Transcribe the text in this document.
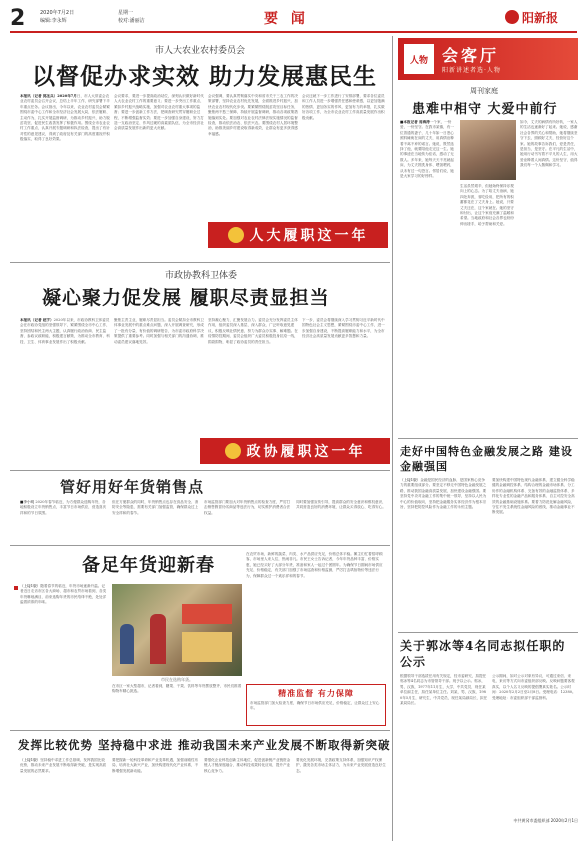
2	2020年7月2日
编辑:李永辉
星期一
校对:潘丽洁	要 闻	阳新报
市人大农业农村委员会
以督促办求实效 助力发展惠民生
本报讯（记者 郭圣兵）2020年7月日，市人大常委会农业农村委员会召开会议，总结上半年工作，研究部署下半年重点任务。会议指出，今年以来，农业农村委员会紧紧围绕市委中心工作和全市经济社会发展大局，依法履职、主动作为，扎实开展监督调研，为推动乡村振兴、助力脱贫攻坚、促进民生改善发挥了积极作用。围绕全市农业农村工作重点，认真开展专题调研和执法检查，提出了有针对性的意见建议，得到了政府及有关部门的高度重视并积极落实，取得了良好效果。
会议要求，要进一步提高政治站位，深刻认识做好新时代人大农业农村工作的重要意义；要进一步突出工作重点，紧扣乡村振兴战略实施，加强对农业农村重大事项的监督；要进一步创新工作方法，把调查研究贯穿履职全过程，不断增强监督实效；要进一步加强自身建设，努力打造一支政治坚定、作风过硬的高素质队伍，为全市经济社会高质量发展作出新的更大贡献。
会议强调，要认真贯彻落实中央和省市关于三农工作的决策部署，坚持农业农村优先发展，全面推进乡村振兴，加快农业农村现代化步伐。要紧紧围绕脱贫攻坚目标任务，聚焦两不愁三保障，持续开展监督调研，推动各项政策措施落到实处。要加强对农业农村法律法规实施情况的监督检查，推动依法治农、依法兴农。要围绕农村人居环境整治，助推美丽乡村建设取得新成效，让群众有更多获得感幸福感。
会议还就下一步工作进行了安排部署，要求各位委员和工作人员进一步增强责任感和使命感，以更加饱满的热情、更加务实的作风、更加有力的举措，扎实做好各项工作，为全市农业农村工作高质量发展作出积极贡献。
人大履职这一年
市政协教科卫体委
凝心聚力促发展 履职尽责显担当
本报讯（记者 赵宇）2020年以来，市政协教科卫体委员会在市政协党组的坚强领导下，紧紧围绕全市中心工作，坚持团结和民主两大主题，认真履行政治协商、民主监督、参政议政职能，积极建言献策，为推动全市教育、科技、卫生、体育事业发展作出了积极贡献。
聚焦主责主业，履职尽责显担当。委员会紧扣全市教科卫体事业发展中的重点难点问题，深入开展调查研究，形成了一批有分量、有价值的调研报告，为市委市政府科学决策提供了重要参考。同时加强与相关部门的沟通协调，推动委员建议落地见效。
坚持凝心聚力，汇聚发展合力。委员会充分发挥委员主体作用，组织委员深入基层、深入群众，广泛听取意见建议，积极反映社情民意，努力为群众办实事、解难题。在疫情防控期间，委员会组织广大委员积极投身抗疫一线，捐款捐物，彰显了政协委员的责任担当。
下一步，委员会将继续深入学习贯彻习近平新时代中国特色社会主义思想，紧紧围绕市委中心工作，进一步加强自身建设，不断提高履职能力和水平，为全市经济社会高质量发展贡献更多智慧和力量。
政协履职这一年
管好用好年货销售点
■李小明 2020年春节临近，为方便群众选购年货，各地积极设立年货销售点，丰富节日市场供应，营造喜庆祥和的节日氛围。
但在方便群众的同时，年货销售点也存在食品安全、消防安全等隐患，需要有关部门加强监管，确保群众过上安全祥和的春节。
市场监管部门要加大对年货销售点的检查力度，严厉打击销售假冒伪劣商品等违法行为，切实维护消费者合法权益。
同时要加强宣传引导，提高群众的安全意识和维权意识，共同营造良好的消费环境，让群众买得放心、吃得安心。
备足年货迎新春
（上接1版）随着春节的临近，年货市场逐渐升温。记者近日走访市区各大商场、超市和农贸市场看到，各类年货琳琅满目，前来选购年货的市民络绎不绝，处处洋溢着浓浓的年味。
市民在选购年货。
在市区一家大型超市，记者看到，糖果、干果、饮料等年货摆放整齐，市民们推着购物车精心挑选。
在农贸市场，新鲜的蔬菜、肉类、水产品供应充足，价格总体平稳。摊主们忙着招呼顾客，市场里人来人往，热闹非凡。市民王女士告诉记者，今年年货品种丰富、价格实惠，她已经买好了大部分年货，准备和家人一起过个团圆年。为确保节日期间市场供应充足、价格稳定，有关部门加强了市场巡查和价格监测，严厉打击哄抬物价等违法行为，保障群众过一个欢乐祥和的春节。
精准监督 有力保障
市场监管部门加大检查力度，确保节日市场供应充足，价格稳定，让群众过上安心年。
发挥比较优势 坚持稳中求进 推动我国未来产业发展不断取得新突破
（上接1版）坚持稳中求进工作总基调，发挥我国比较优势，推动未来产业发展不断取得新突破，是实现高质量发展的必然要求。
要把握新一轮科技革命和产业变革机遇，加强前瞻性布局，培育壮大新兴产业，加快构建现代化产业体系，不断增强发展新动能。
要强化企业科技创新主体地位，促进创新链产业链资金链人才链深度融合，推动科技成果转化应用，提升产业核心竞争力。
要优化发展环境，完善政策支持体系，加强知识产权保护，激发各类市场主体活力，为未来产业发展营造良好生态。
人物 会客厅
阳新讲述者选·人物
周刊家庭
患难中相守 大爱中前行
■本报记者 周海涛一个家，一份爱，一份坚守。在我市某镇，有一位普通的妻子，几十年如一日悉心照料瘫痪在床的丈夫，用真情诠释着不离不弃的诺言。她说，既然选择了他，就要陪他走完这一生。她的事迹在当地传为佳话，感动了无数人。多年来，她每天天不亮就起床，为丈夫擦洗身体、喂饭喂药，从未有过一句怨言。邻居们说，她是大家学习的好榜样。
生活虽然艰辛，但她始终保持乐观向上的心态。为了给丈夫治病，她四处奔波，省吃俭用，把所有的积蓄都花在了丈夫身上。她说，只要丈夫还在，这个家就在。她的坚守和付出，让这个家庭充满了温暖和希望。当地政府和社会各界也纷纷伸出援手，给予帮助和关爱。
如今，丈夫的病情有所好转，一家人的生活也逐渐好了起来。她说，感谢社会各界的关心和帮助，她将继续坚守下去，照顾好丈夫，经营好这个家。她的故事告诉我们，爱是责任，是担当，是坚守。在平凡的生活中，她用行动书写着不平凡的人生，用大爱诠释着人间真情。这份坚守，值得我们每一个人敬佩和学习。
走好中国特色金融发展之路 建设金融强国
（上接1版）金融是国民经济的血脉，是国家核心竞争力的重要组成部分。要坚定不移走中国特色金融发展之路，推动我国金融高质量发展，加快建设金融强国。要坚持党中央对金融工作的集中统一领导，坚持以人民为中心的价值取向，坚持把金融服务实体经济作为根本宗旨，坚持把防控风险作为金融工作的永恒主题。
要加快构建中国特色现代金融体系，建立健全科学稳健的金融调控体系、结构合理的金融市场体系、分工协作的金融机构体系、完备有效的金融监管体系、多样化专业性的金融产品和服务体系、自主可控安全高效的金融基础设施体系。要着力防范化解金融风险，守住不发生系统性金融风险的底线，推动金融事业不断发展。
关于郭冰等4名同志拟任职的公示
根据领导干部选拔任用有关规定，经市委研究，拟提任郭冰等4名同志为市管领导干部。现予以公示。郭冰，男，汉族，1977年11月生，大学，中共党员，现任某单位副主任，拟任某单位主任。刘某，男，汉族，1980年5月生，研究生，中共党员，现任某局副局长，拟任某局局长。
公示期间，如对公示对象有异议，可通过来信、来电、来访等方式向市委组织部反映。反映问题要客观真实，以个人名义反映的提倡署真实姓名。公示时间：2020年2月2日至2月8日。受理电话：12380。受理地址：市委组织部干部监督科。
中共黄冈市委组织部 2020年2月1日
